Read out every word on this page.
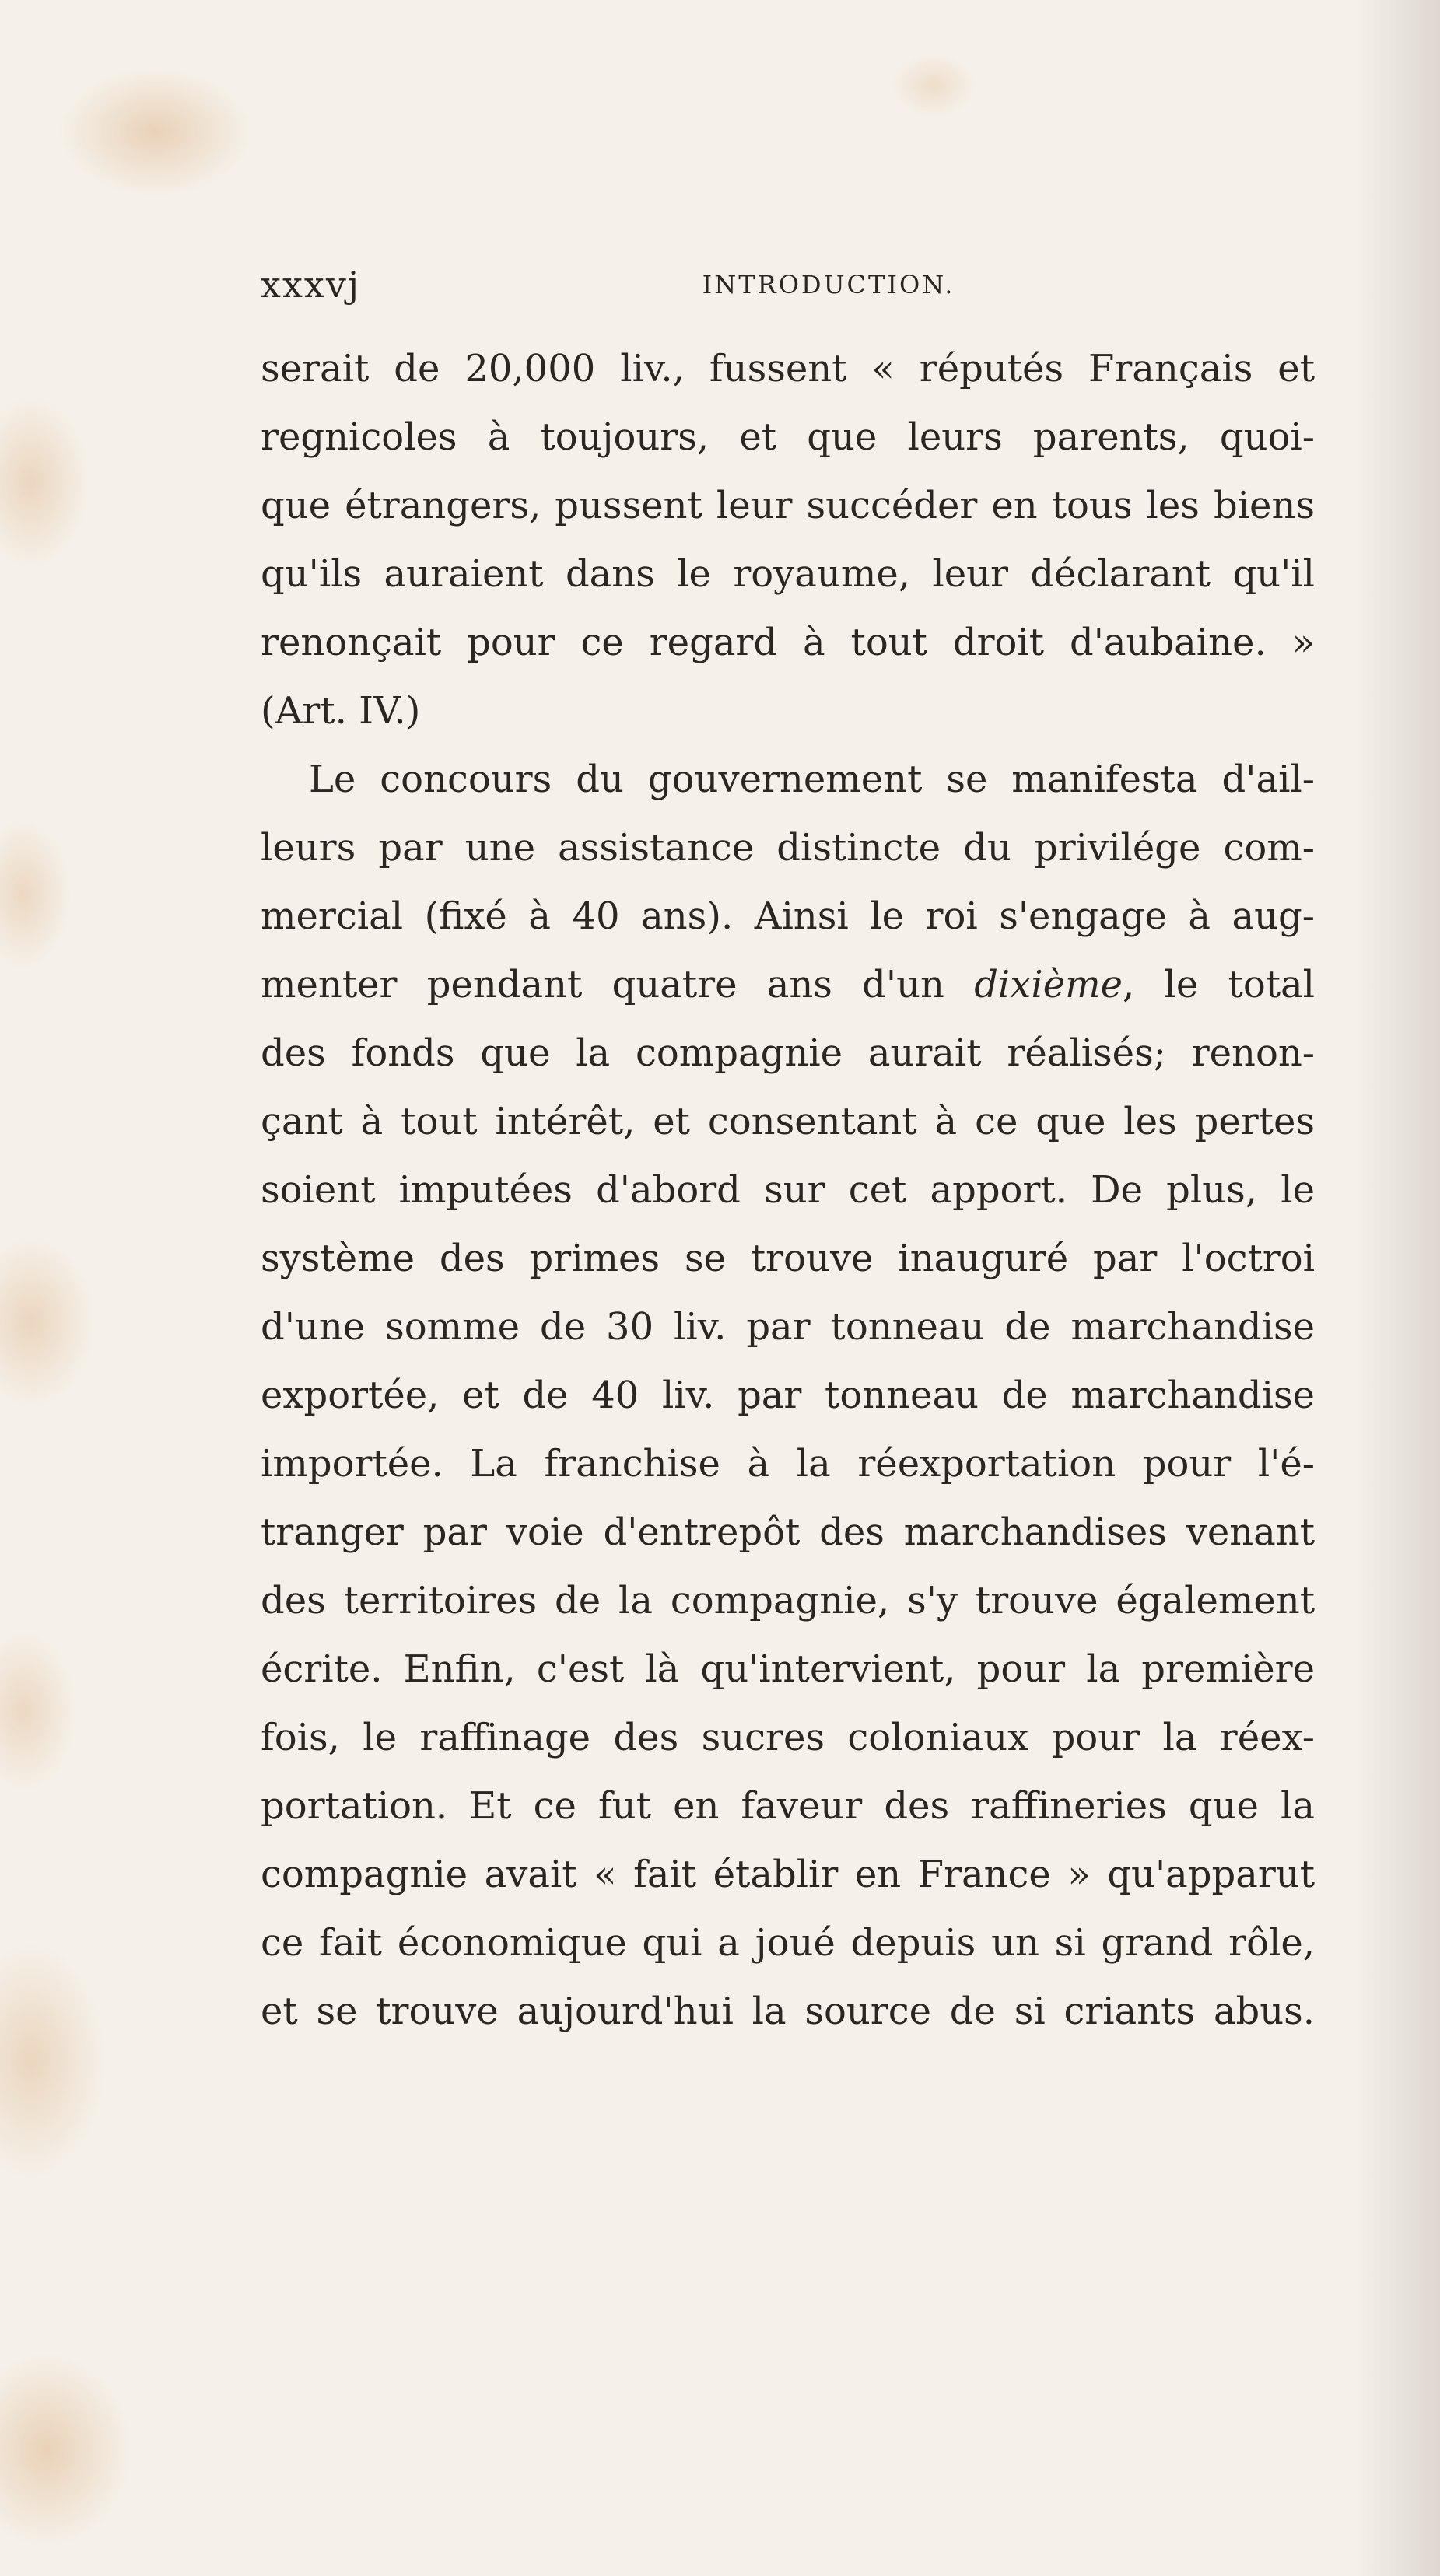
xxxvj	INTRODUCTION.
serait de 20,000 liv., fussent « réputés Français et
regnicoles à toujours, et que leurs parents, quoi-
que étrangers, pussent leur succéder en tous les biens
qu'ils auraient dans le royaume, leur déclarant qu'il
renonçait pour ce regard à tout droit d'aubaine. »
(Art. IV.)
Le concours du gouvernement se manifesta d'ail-
leurs par une assistance distincte du privilége com-
mercial (fixé à 40 ans). Ainsi le roi s'engage à aug-
menter pendant quatre ans d'un dixième, le total
des fonds que la compagnie aurait réalisés; renon-
çant à tout intérêt, et consentant à ce que les pertes
soient imputées d'abord sur cet apport. De plus, le
système des primes se trouve inauguré par l'octroi
d'une somme de 30 liv. par tonneau de marchandise
exportée, et de 40 liv. par tonneau de marchandise
importée. La franchise à la réexportation pour l'é-
tranger par voie d'entrepôt des marchandises venant
des territoires de la compagnie, s'y trouve également
écrite. Enfin, c'est là qu'intervient, pour la première
fois, le raffinage des sucres coloniaux pour la réex-
portation. Et ce fut en faveur des raffineries que la
compagnie avait « fait établir en France » qu'apparut
ce fait économique qui a joué depuis un si grand rôle,
et se trouve aujourd'hui la source de si criants abus.
